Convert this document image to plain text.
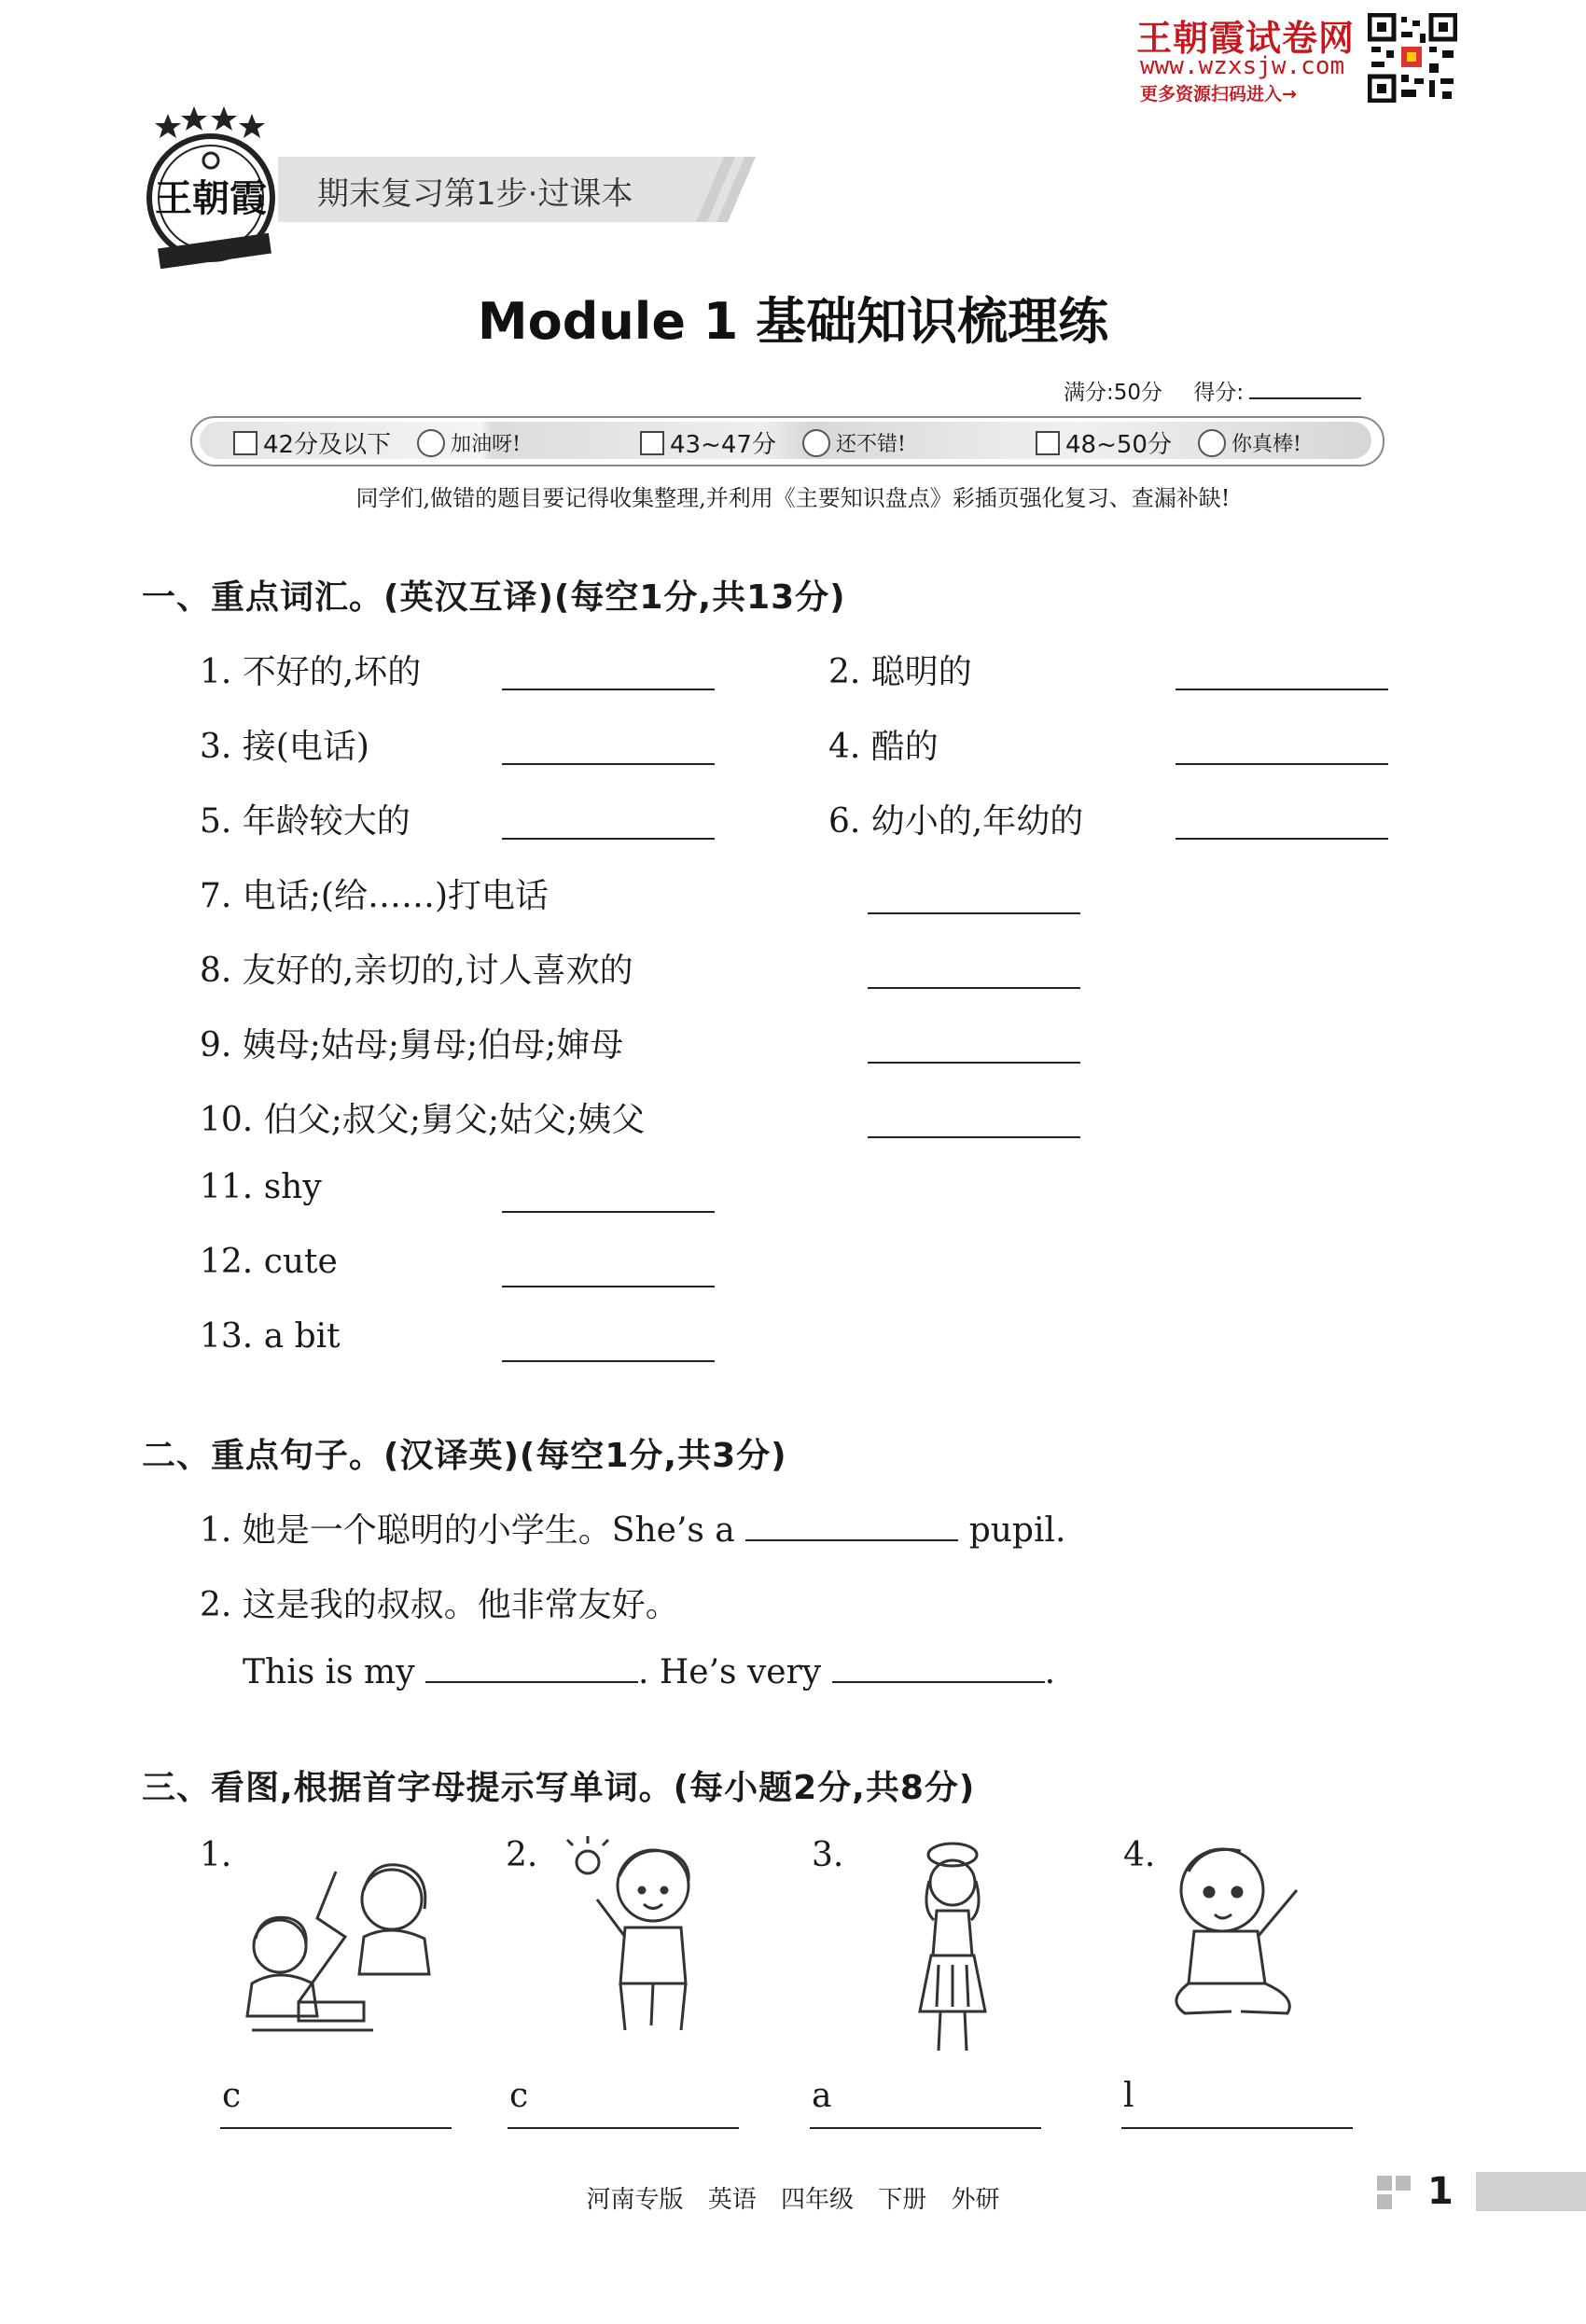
王朝霞试卷网
www.wzxsjw.com
更多资源扫码进入→
王朝霞 期末复习第1步·过课本
Module 1 基础知识梳理练
满分:50分 得分:
42分及以下	加油呀!	43~47分	还不错!	48~50分	你真棒!
同学们,做错的题目要记得收集整理,并利用《主要知识盘点》彩插页强化复习、查漏补缺!
一、重点词汇。(英汉互译)(每空1分,共13分)
1. 不好的,坏的	2. 聪明的
3. 接(电话)	4. 酷的
5. 年龄较大的	6. 幼小的,年幼的
7. 电话;(给……)打电话
8. 友好的,亲切的,讨人喜欢的
9. 姨母;姑母;舅母;伯母;婶母
10. 伯父;叔父;舅父;姑父;姨父
11. shy
12. cute
13. a bit
二、重点句子。(汉译英)(每空1分,共3分)
1. 她是一个聪明的小学生。She’s a	pupil.
2. 这是我的叔叔。他非常友好。
This is my	. He’s very	.
三、看图,根据首字母提示写单词。(每小题2分,共8分)
1.	2.	3.	4.
c	c	a	l
河南专版 英语 四年级 下册 外研	1
